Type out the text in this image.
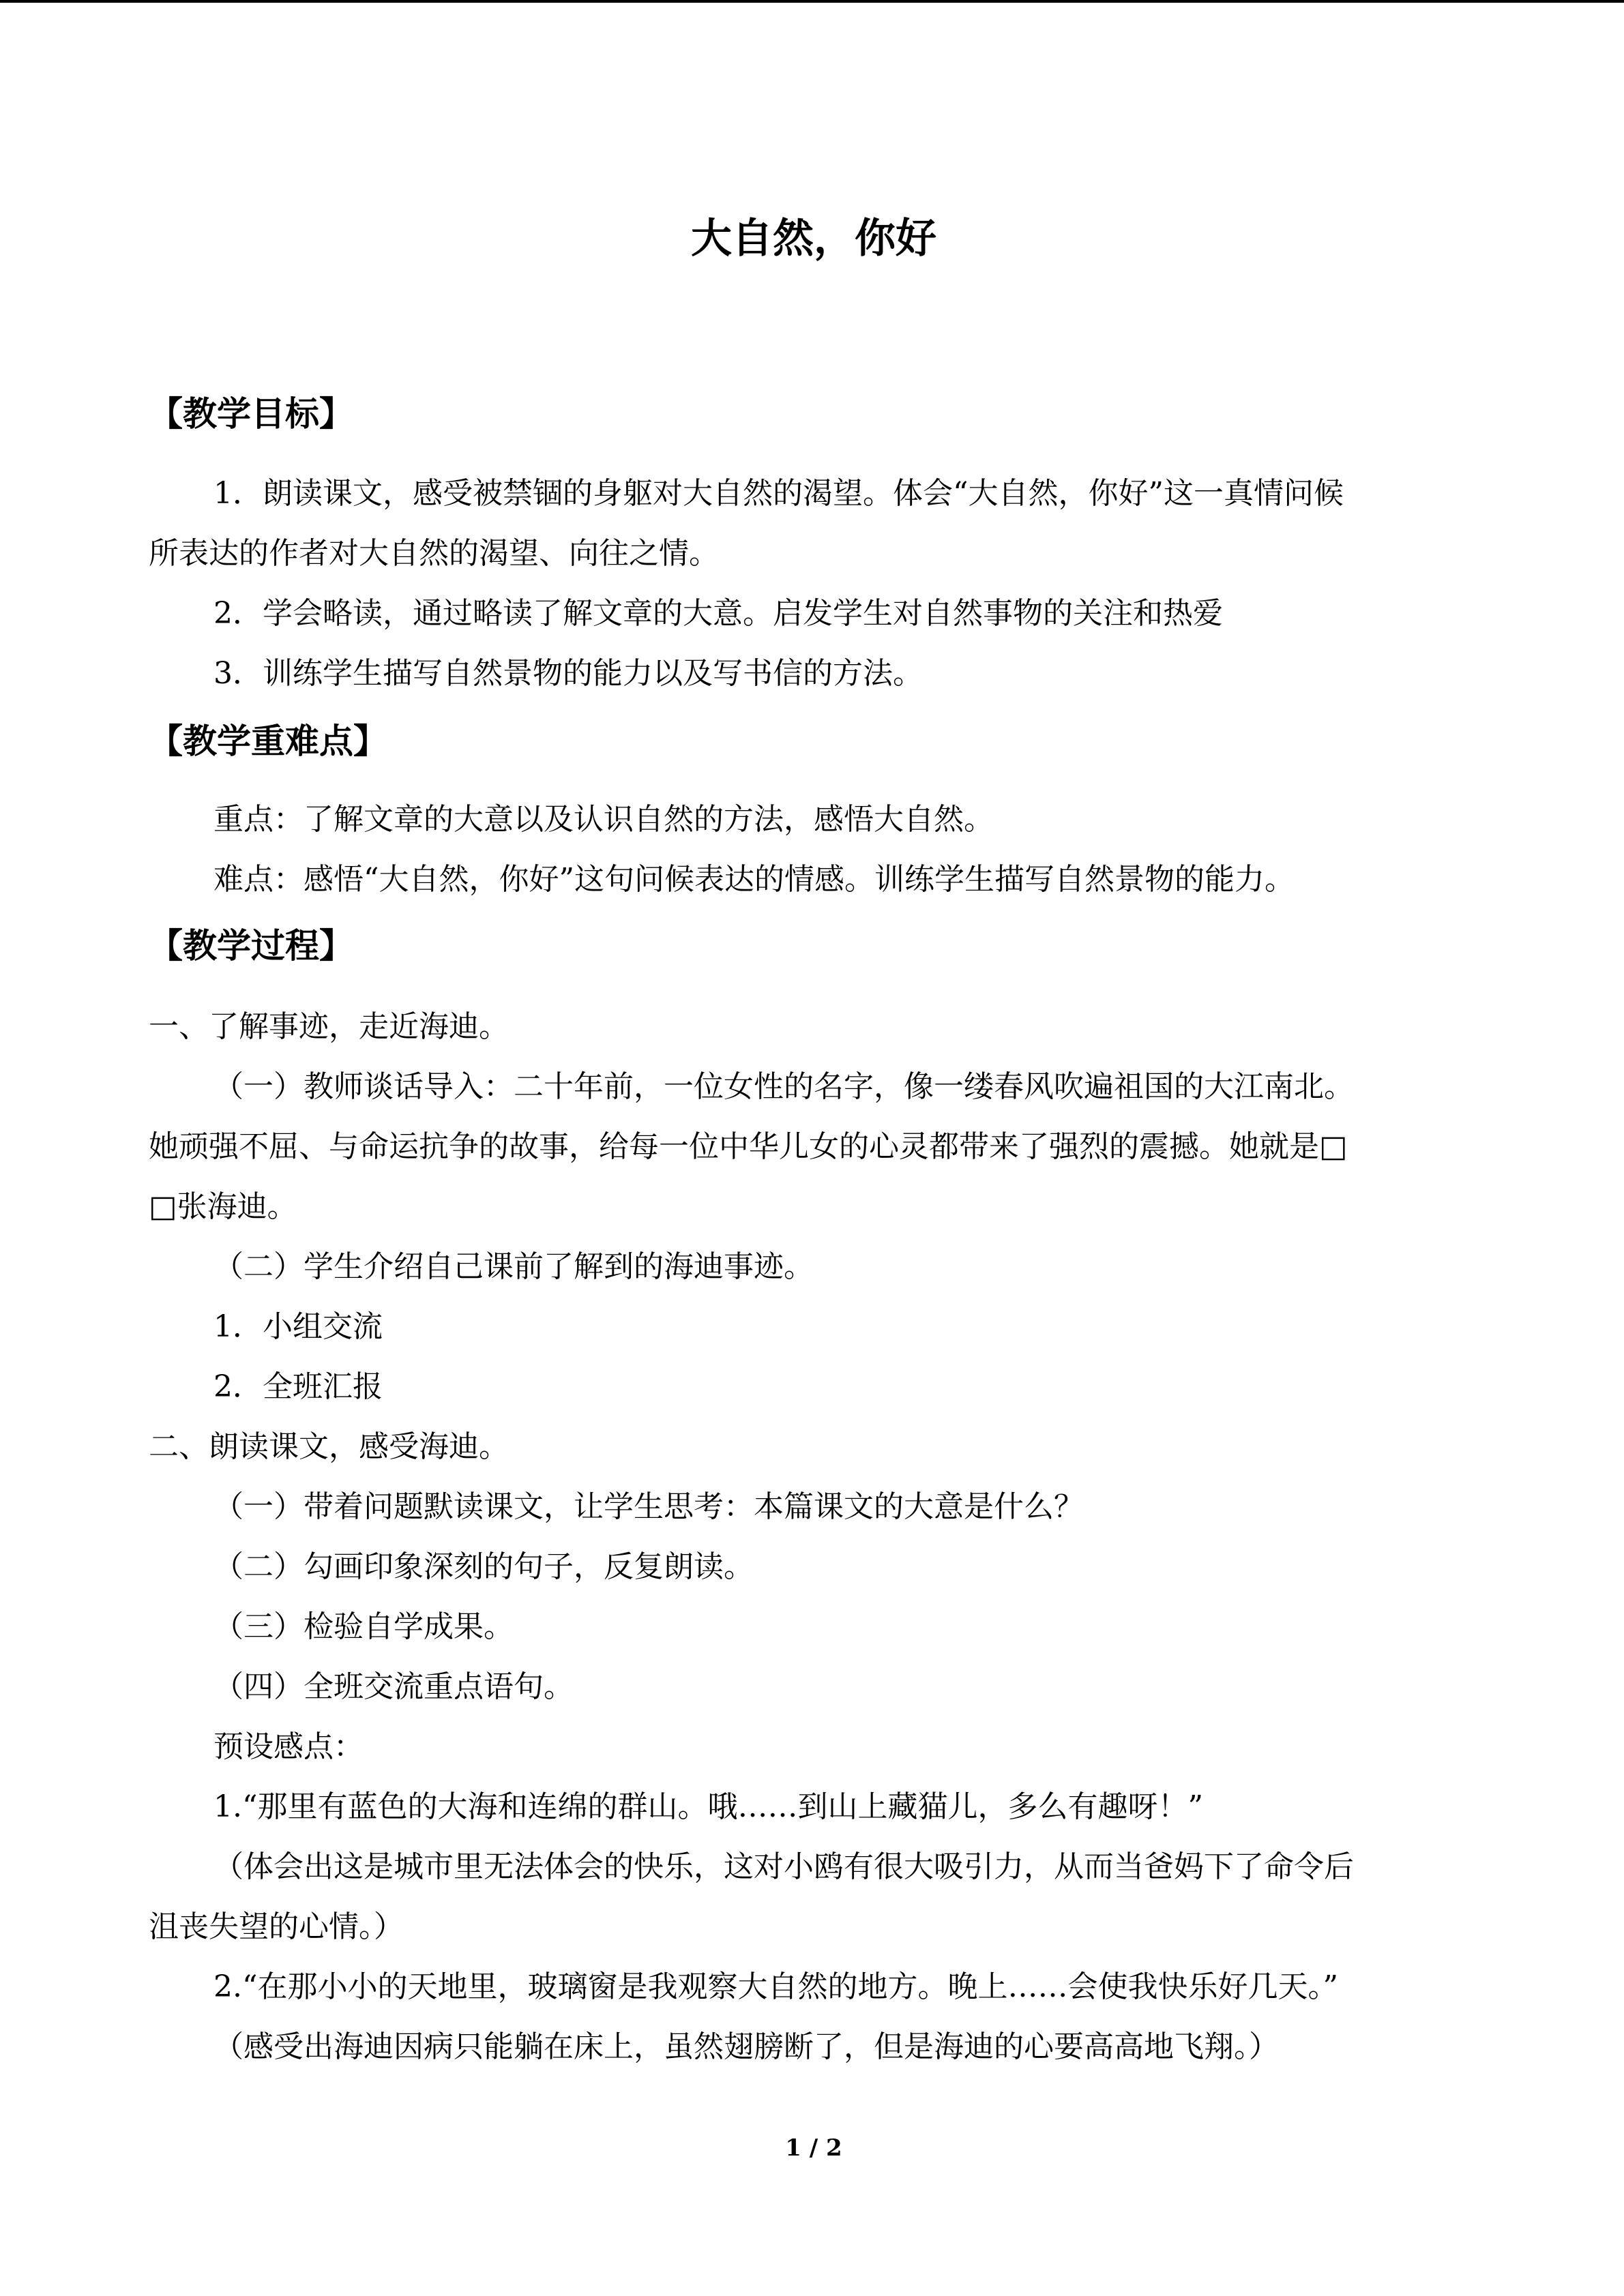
大自然，你好
【教学目标】

1．朗读课文，感受被禁锢的身躯对大自然的渴望。体会“大自然，你好”这一真情问候

所表达的作者对大自然的渴望、向往之情。

2．学会略读，通过略读了解文章的大意。启发学生对自然事物的关注和热爱

3．训练学生描写自然景物的能力以及写书信的方法。

【教学重难点】

重点：了解文章的大意以及认识自然的方法，感悟大自然。

难点：感悟“大自然，你好”这句问候表达的情感。训练学生描写自然景物的能力。

【教学过程】

一、了解事迹，走近海迪。

（一）教师谈话导入：二十年前，一位女性的名字，像一缕春风吹遍祖国的大江南北。

她顽强不屈、与命运抗争的故事，给每一位中华儿女的心灵都带来了强烈的震撼。她就是□

□张海迪。

（二）学生介绍自己课前了解到的海迪事迹。

1．小组交流

2．全班汇报

二、朗读课文，感受海迪。

（一）带着问题默读课文，让学生思考：本篇课文的大意是什么？

（二）勾画印象深刻的句子，反复朗读。

（三）检验自学成果。

（四）全班交流重点语句。

预设感点：

1.“那里有蓝色的大海和连绵的群山。哦……到山上藏猫儿，多么有趣呀！”

（体会出这是城市里无法体会的快乐，这对小鸥有很大吸引力，从而当爸妈下了命令后

沮丧失望的心情。）

2.“在那小小的天地里，玻璃窗是我观察大自然的地方。晚上……会使我快乐好几天。”

（感受出海迪因病只能躺在床上，虽然翅膀断了，但是海迪的心要高高地飞翔。）

1 / 2
